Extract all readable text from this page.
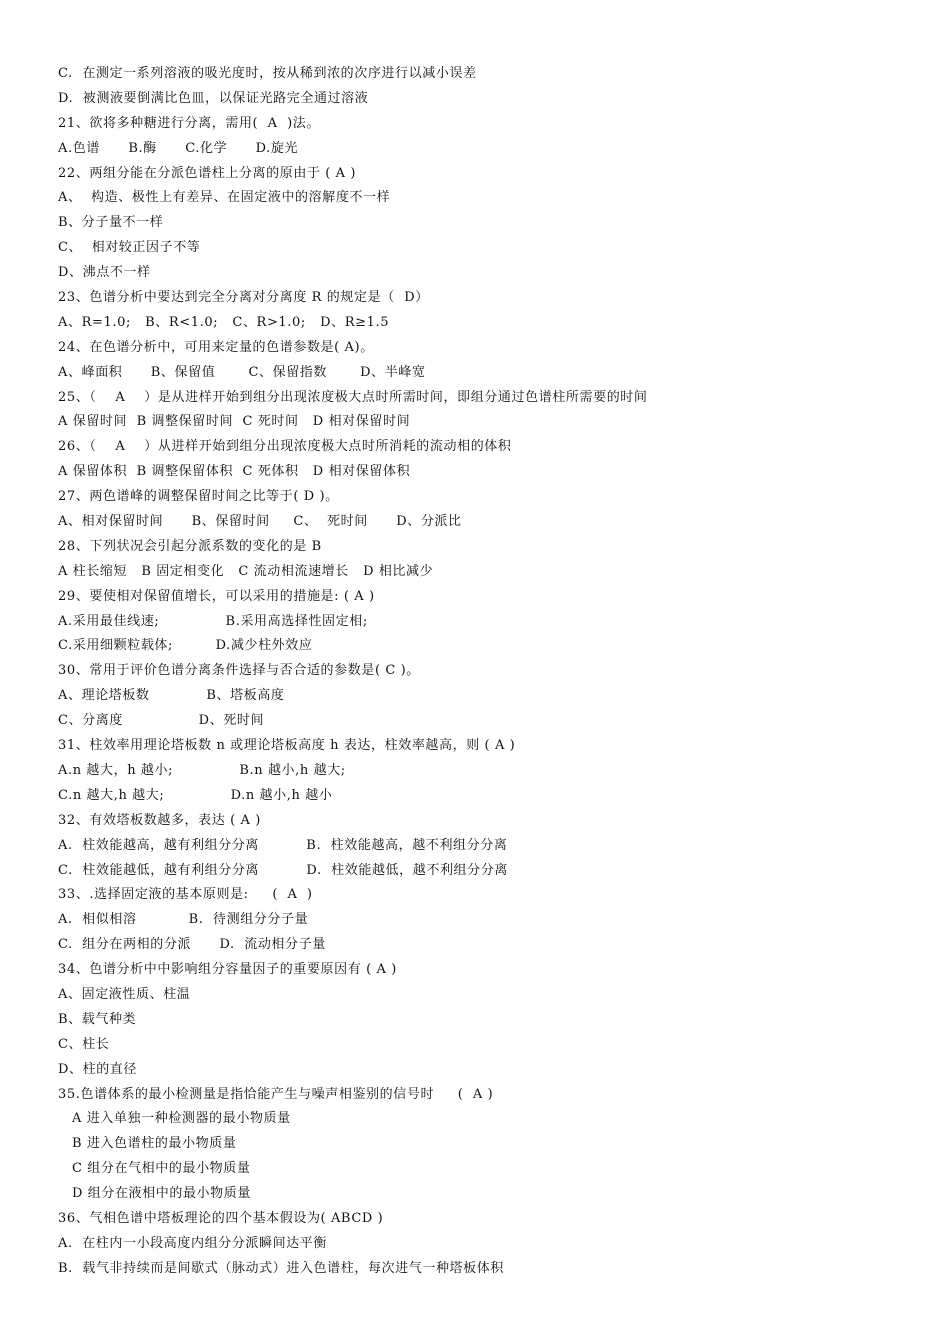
C.  在测定一系列溶液的吸光度时，按从稀到浓的次序进行以减小误差
D.  被测液要倒满比色皿，以保证光路完全通过溶液
21、欲将多种糖进行分离，需用(  A  )法。
A.色谱      B.酶      C.化学      D.旋光
22、两组分能在分派色谱柱上分离的原由于 ( A )
A、  构造、极性上有差异、在固定液中的溶解度不一样
B、分子量不一样
C、  相对较正因子不等
D、沸点不一样
23、色谱分析中要达到完全分离对分离度 R 的规定是（  D）
A、R=1.0;   B、R<1.0;   C、R>1.0;   D、R≥1.5
24、在色谱分析中，可用来定量的色谱参数是( A)。
A、峰面积      B、保留值       C、保留指数       D、半峰宽
25、（    A    ）是从进样开始到组分出现浓度极大点时所需时间，即组分通过色谱柱所需要的时间
A 保留时间  B 调整保留时间  C 死时间   D 相对保留时间
26、（    A    ）从进样开始到组分出现浓度极大点时所消耗的流动相的体积
A 保留体积  B 调整保留体积  C 死体积   D 相对保留体积
27、两色谱峰的调整保留时间之比等于( D )。
A、相对保留时间      B、保留时间     C、  死时间      D、分派比
28、下列状况会引起分派系数的变化的是 B
A 柱长缩短   B 固定相变化   C 流动相流速增长   D 相比减少
29、要使相对保留值增长，可以采用的措施是: ( A )
A.采用最佳线速;              B.采用高选择性固定相;
C.采用细颗粒载体;         D.减少柱外效应
30、常用于评价色谱分离条件选择与否合适的参数是( C )。
A、理论塔板数            B、塔板高度
C、分离度                D、死时间
31、柱效率用理论塔板数 n 或理论塔板高度 h 表达，柱效率越高，则 ( A )
A.n 越大，h 越小;              B.n 越小,h 越大;
C.n 越大,h 越大;              D.n 越小,h 越小
32、有效塔板数越多，表达 ( A )
A.  柱效能越高，越有利组分分离          B.  柱效能越高，越不利组分分离
C.  柱效能越低，越有利组分分离          D.  柱效能越低，越不利组分分离
33、.选择固定液的基本原则是:     (  A  )
A.  相似相溶           B.  待测组分分子量
C.  组分在两相的分派      D.  流动相分子量
34、色谱分析中中影响组分容量因子的重要原因有 ( A )
A、固定液性质、柱温
B、载气种类
C、柱长
D、柱的直径
35.色谱体系的最小检测量是指恰能产生与噪声相鉴别的信号时     (  A )
A 进入单独一种检测器的最小物质量
B 进入色谱柱的最小物质量
C 组分在气相中的最小物质量
D 组分在液相中的最小物质量
36、气相色谱中塔板理论的四个基本假设为( ABCD )
A.  在柱内一小段高度内组分分派瞬间达平衡
B.  载气非持续而是间歇式（脉动式）进入色谱柱，每次进气一种塔板体积
